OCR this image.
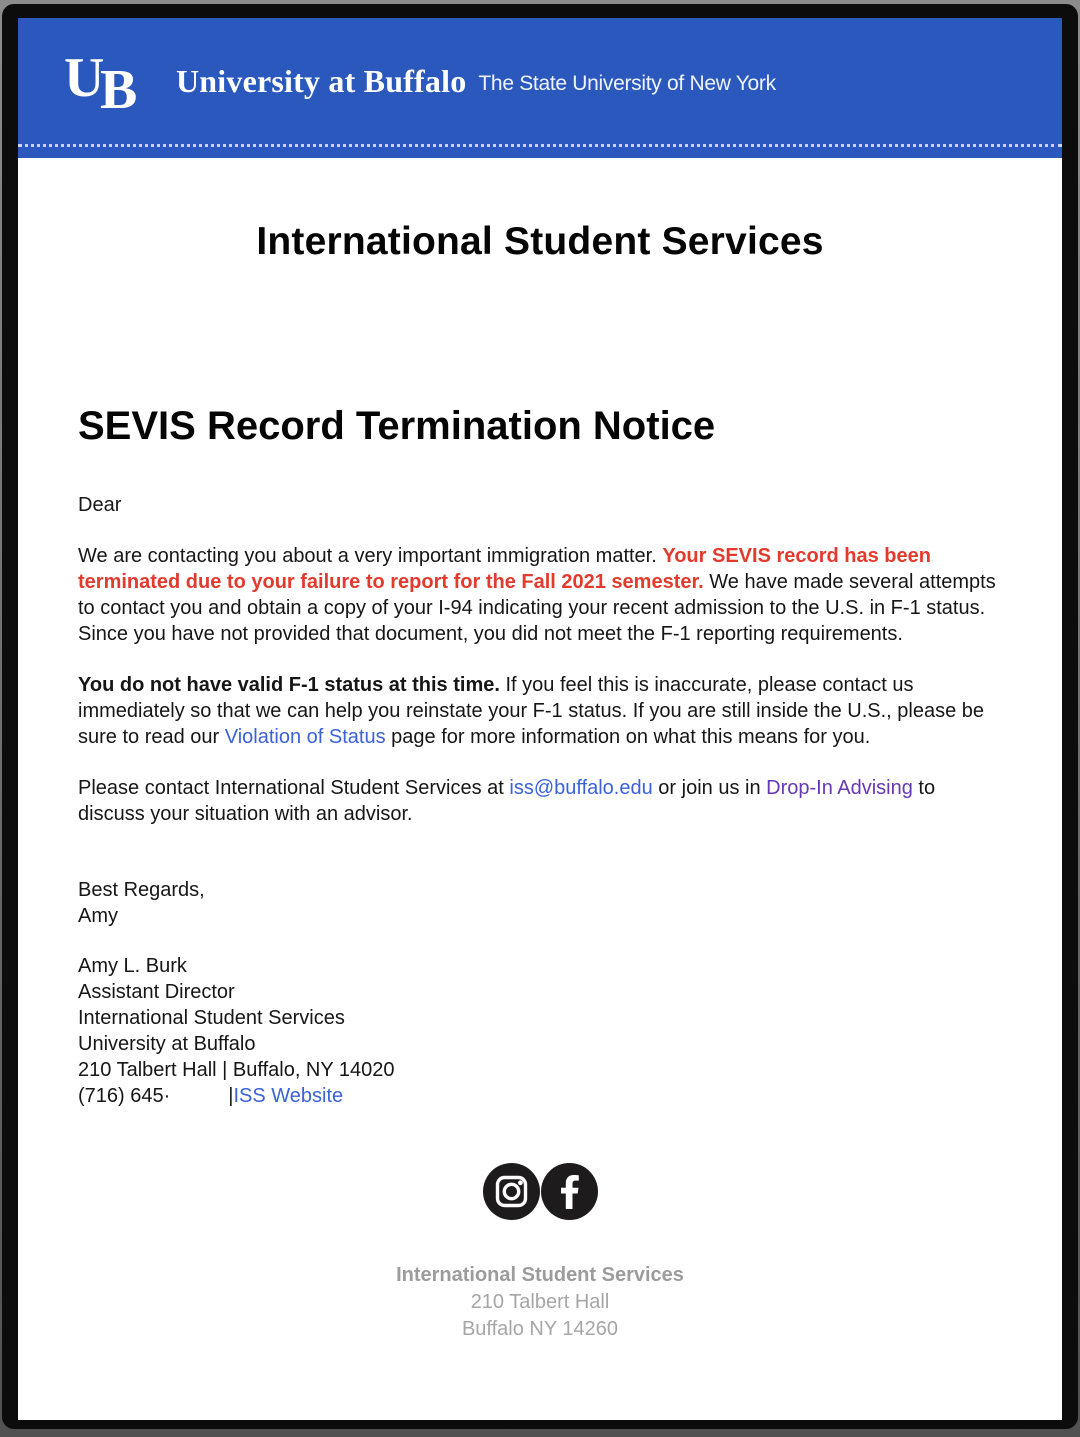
U
B University at Buffalo The State University of New York
International Student Services
SEVIS Record Termination Notice
Dear
We are contacting you about a very important immigration matter. Your SEVIS record has been terminated due to your failure to report for the Fall 2021 semester. We have made several attempts to contact you and obtain a copy of your I-94 indicating your recent admission to the U.S. in F-1 status. Since you have not provided that document, you did not meet the F-1 reporting requirements.
You do not have valid F-1 status at this time. If you feel this is inaccurate, please contact us immediately so that we can help you reinstate your F-1 status. If you are still inside the U.S., please be sure to read our Violation of Status page for more information on what this means for you.
Please contact International Student Services at iss@buffalo.edu or join us in Drop-In Advising to discuss your situation with an advisor.
Best Regards,
Amy
Amy L. Burk
Assistant Director
International Student Services
University at Buffalo
210 Talbert Hall | Buffalo, NY 14020
(716) 645·	|ISS Website
International Student Services
210 Talbert Hall
Buffalo NY 14260
